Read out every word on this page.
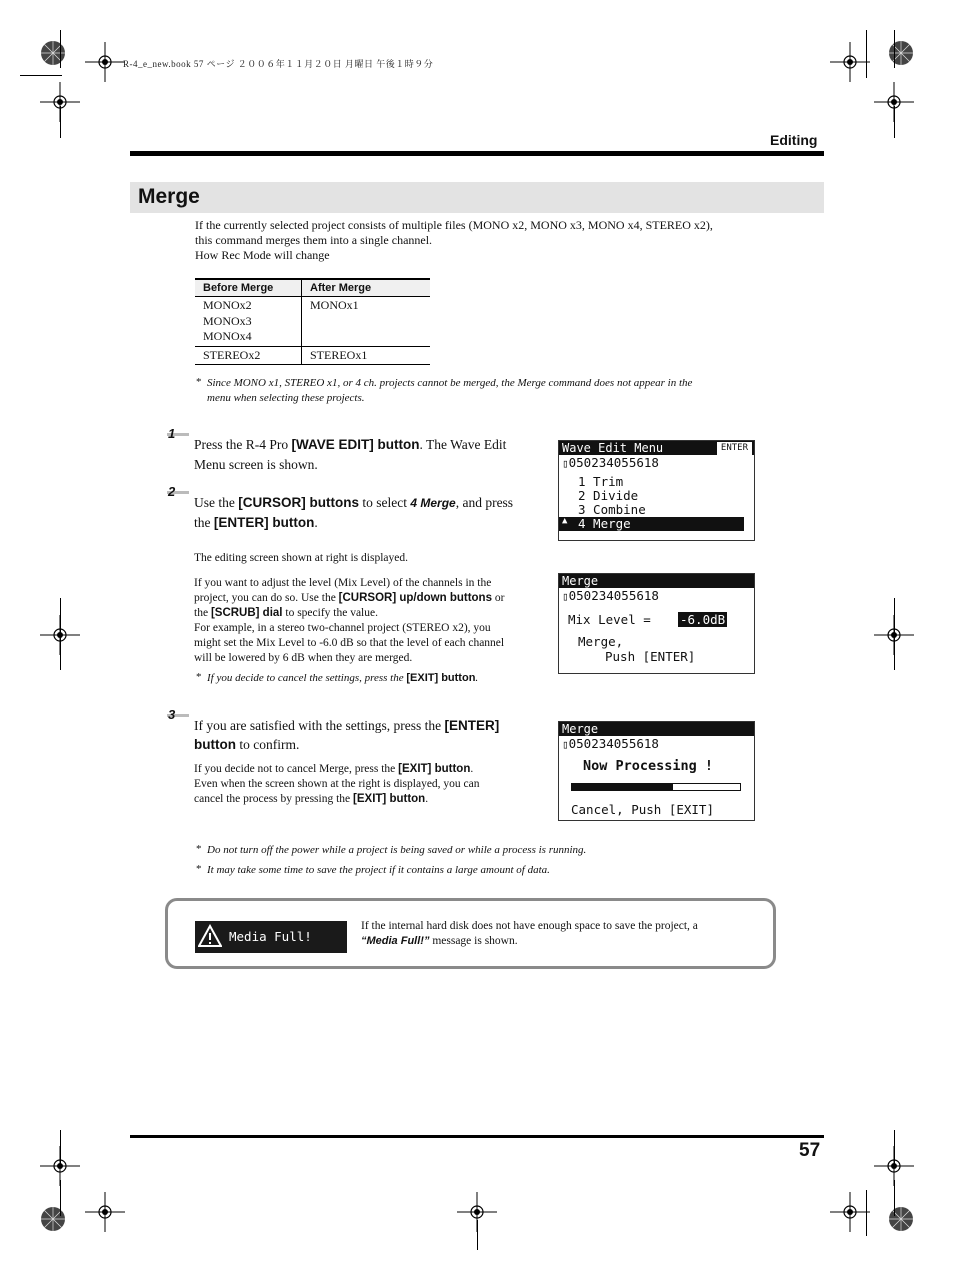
R-4_e_new.book 57 ページ ２００６年１１月２０日 月曜日 午後１時９分
Editing
Merge
If the currently selected project consists of multiple files (MONO x2, MONO x3, MONO x4, STEREO x2),
this command merges them into a single channel.
How Rec Mode will change
Before Merge	After Merge

MONOx2
MONOx3
MONOx4	MONOx1
STEREOx2	STEREOx1
* Since MONO x1, STEREO x1, or 4 ch. projects cannot be merged, the Merge command does not appear in the
menu when selecting these projects.
1
Press the R-4 Pro [WAVE EDIT] button. The Wave Edit
Menu screen is shown.
2
Use the [CURSOR] buttons to select 4 Merge, and press
the [ENTER] button.
The editing screen shown at right is displayed.
If you want to adjust the level (Mix Level) of the channels in the
project, you can do so. Use the [CURSOR] up/down buttons or
the [SCRUB] dial to specify the value.
For example, in a stereo two-channel project (STEREO x2), you
might set the Mix Level to -6.0 dB so that the level of each channel
will be lowered by 6 dB when they are merged.
* If you decide to cancel the settings, press the [EXIT] button.
3
If you are satisfied with the settings, press the [ENTER]
button to confirm.
If you decide not to cancel Merge, press the [EXIT] button.
Even when the screen shown at the right is displayed, you can
cancel the process by pressing the [EXIT] button.
Wave Edit Menu	ENTER
▯050234055618
1 Trim
2 Divide
3 Combine
▲ 4 Merge
Merge
▯050234055618
Mix Level = -6.0dB
Merge,
Push [ENTER]
Merge
▯050234055618
Now Processing !
Cancel, Push [EXIT]
* Do not turn off the power while a project is being saved or while a process is running.
* It may take some time to save the project if it contains a large amount of data.
Media Full!
If the internal hard disk does not have enough space to save the project, a
“Media Full!” message is shown.
57
